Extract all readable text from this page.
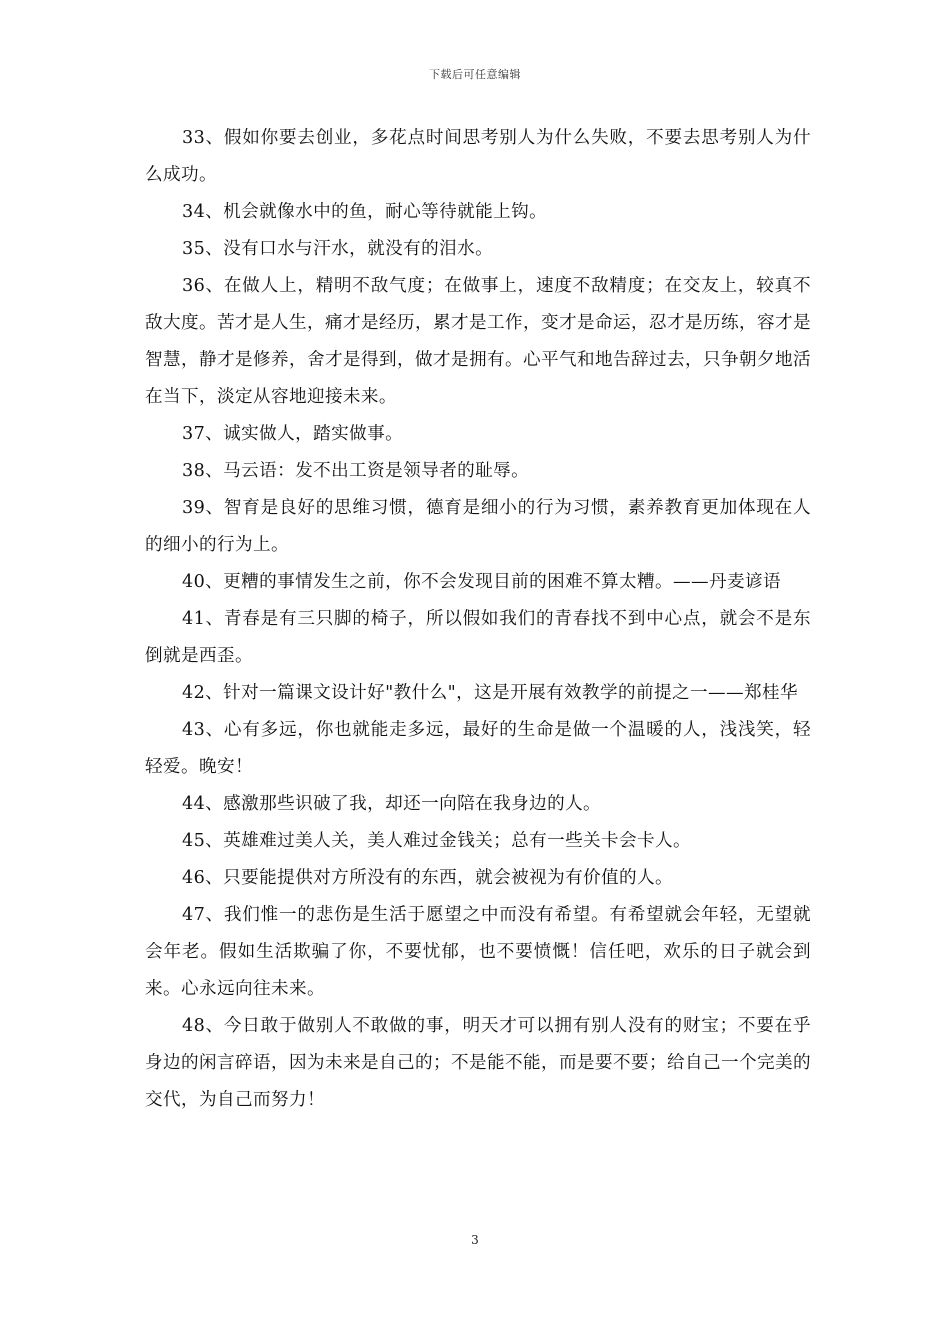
下载后可任意编辑

33、假如你要去创业，多花点时间思考别人为什么失败，不要去思考别人为什么成功。

34、机会就像水中的鱼，耐心等待就能上钩。

35、没有口水与汗水，就没有的泪水。

36、在做人上，精明不敌气度；在做事上，速度不敌精度；在交友上，较真不敌大度。苦才是人生，痛才是经历，累才是工作，变才是命运，忍才是历练，容才是智慧，静才是修养，舍才是得到，做才是拥有。心平气和地告辞过去，只争朝夕地活在当下，淡定从容地迎接未来。

37、诚实做人，踏实做事。

38、马云语：发不出工资是领导者的耻辱。

39、智育是良好的思维习惯，德育是细小的行为习惯，素养教育更加体现在人的细小的行为上。

40、更糟的事情发生之前，你不会发现目前的困难不算太糟。——丹麦谚语

41、青春是有三只脚的椅子，所以假如我们的青春找不到中心点，就会不是东倒就是西歪。

42、针对一篇课文设计好"教什么"，这是开展有效教学的前提之一——郑桂华

43、心有多远，你也就能走多远，最好的生命是做一个温暖的人，浅浅笑，轻轻爱。晚安！

44、感激那些识破了我，却还一向陪在我身边的人。

45、英雄难过美人关，美人难过金钱关；总有一些关卡会卡人。

46、只要能提供对方所没有的东西，就会被视为有价值的人。

47、我们惟一的悲伤是生活于愿望之中而没有希望。有希望就会年轻，无望就会年老。假如生活欺骗了你，不要忧郁，也不要愤慨！信任吧，欢乐的日子就会到来。心永远向往未来。

48、今日敢于做别人不敢做的事，明天才可以拥有别人没有的财宝；不要在乎身边的闲言碎语，因为未来是自己的；不是能不能，而是要不要；给自己一个完美的交代，为自己而努力！

3
